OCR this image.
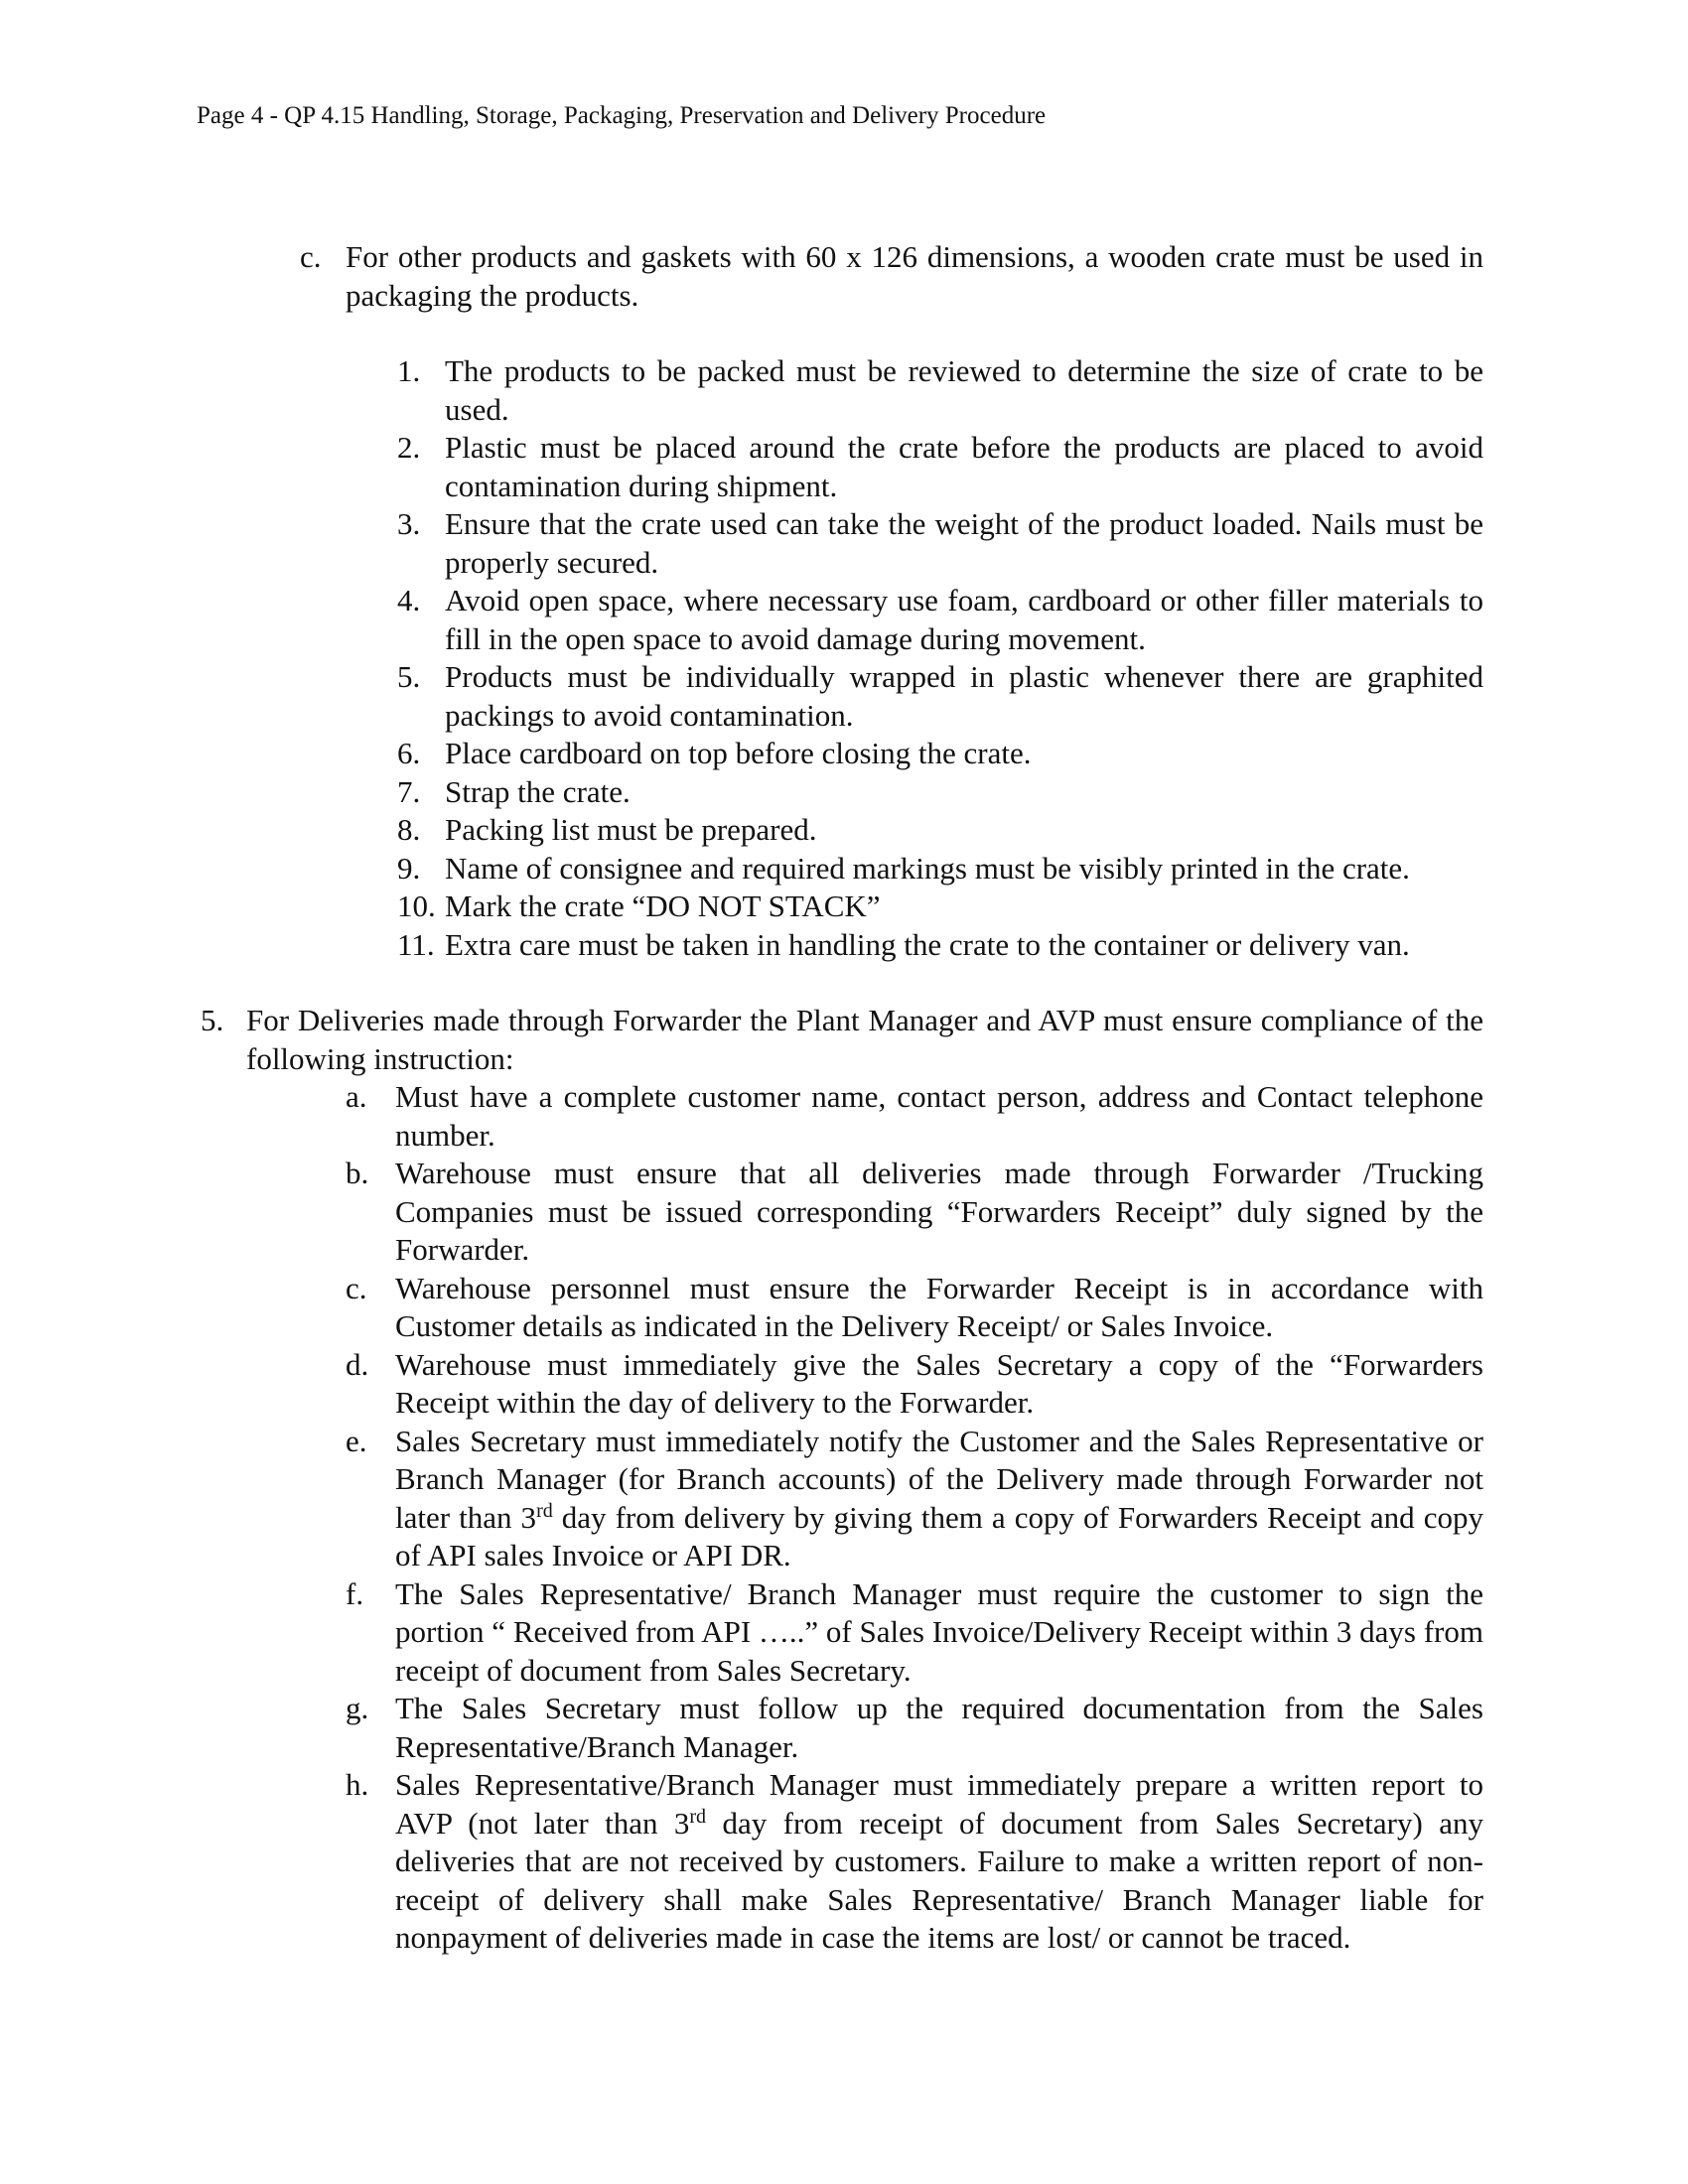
Page 4 - QP 4.15 Handling, Storage, Packaging, Preservation and Delivery Procedure
c. For other products and gaskets with 60 x 126 dimensions, a wooden crate must be used in packaging the products.
1. The products to be packed must be reviewed to determine the size of crate to be used.
2. Plastic must be placed around the crate before the products are placed to avoid contamination during shipment.
3. Ensure that the crate used can take the weight of the product loaded. Nails must be properly secured.
4. Avoid open space, where necessary use foam, cardboard or other filler materials to fill in the open space to avoid damage during movement.
5. Products must be individually wrapped in plastic whenever there are graphited packings to avoid contamination.
6. Place cardboard on top before closing the crate.
7. Strap the crate.
8. Packing list must be prepared.
9. Name of consignee and required markings must be visibly printed in the crate.
10. Mark the crate “DO NOT STACK”
11. Extra care must be taken in handling the crate to the container or delivery van.
5. For Deliveries made through Forwarder the Plant Manager and AVP must ensure compliance of the following instruction:
a. Must have a complete customer name, contact person, address and Contact telephone number.
b. Warehouse must ensure that all deliveries made through Forwarder /Trucking Companies must be issued corresponding “Forwarders Receipt” duly signed by the Forwarder.
c. Warehouse personnel must ensure the Forwarder Receipt is in accordance with Customer details as indicated in the Delivery Receipt/ or Sales Invoice.
d. Warehouse must immediately give the Sales Secretary a copy of the “Forwarders Receipt within the day of delivery to the Forwarder.
e. Sales Secretary must immediately notify the Customer and the Sales Representative or Branch Manager (for Branch accounts) of the Delivery made through Forwarder not later than 3rd day from delivery by giving them a copy of Forwarders Receipt and copy of API sales Invoice or API DR.
f. The Sales Representative/ Branch Manager must require the customer to sign the portion “ Received from API …..” of Sales Invoice/Delivery Receipt within 3 days from receipt of document from Sales Secretary.
g. The Sales Secretary must follow up the required documentation from the Sales Representative/Branch Manager.
h. Sales Representative/Branch Manager must immediately prepare a written report to AVP (not later than 3rd day from receipt of document from Sales Secretary) any deliveries that are not received by customers. Failure to make a written report of non-receipt of delivery shall make Sales Representative/ Branch Manager liable for nonpayment of deliveries made in case the items are lost/ or cannot be traced.
